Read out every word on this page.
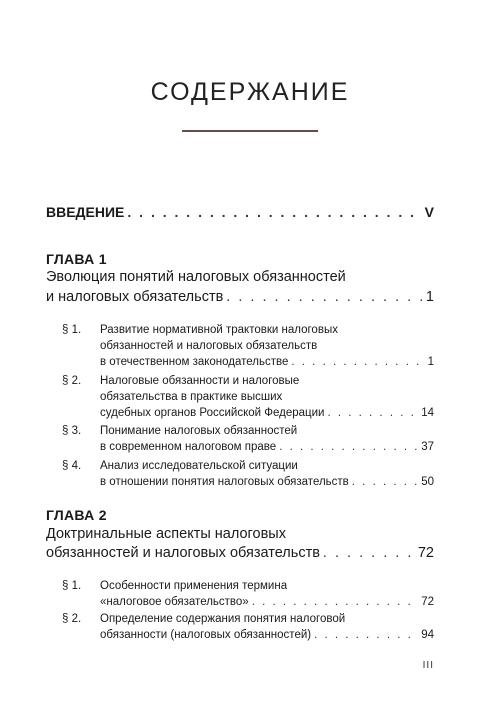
СОДЕРЖАНИЕ
ВВЕДЕНИЕ . . .	V
ГЛАВА 1
Эволюция понятий налоговых обязанностей
и налоговых обязательств . . .	1
§ 1. Развитие нормативной трактовки налоговых
обязанностей и налоговых обязательств
в отечественном законодательстве . . .	1
§ 2. Налоговые обязанности и налоговые
обязательства в практике высших
судебных органов Российской Федерации . . .	14
§ 3. Понимание налоговых обязанностей
в современном налоговом праве . . .	37
§ 4. Анализ исследовательской ситуации
в отношении понятия налоговых обязательств . . .	50
ГЛАВА 2
Доктринальные аспекты налоговых
обязанностей и налоговых обязательств . . .	72
§ 1. Особенности применения термина
«налоговое обязательство» . . .	72
§ 2. Определение содержания понятия налоговой
обязанности (налоговых обязанностей) . . .	94
III
